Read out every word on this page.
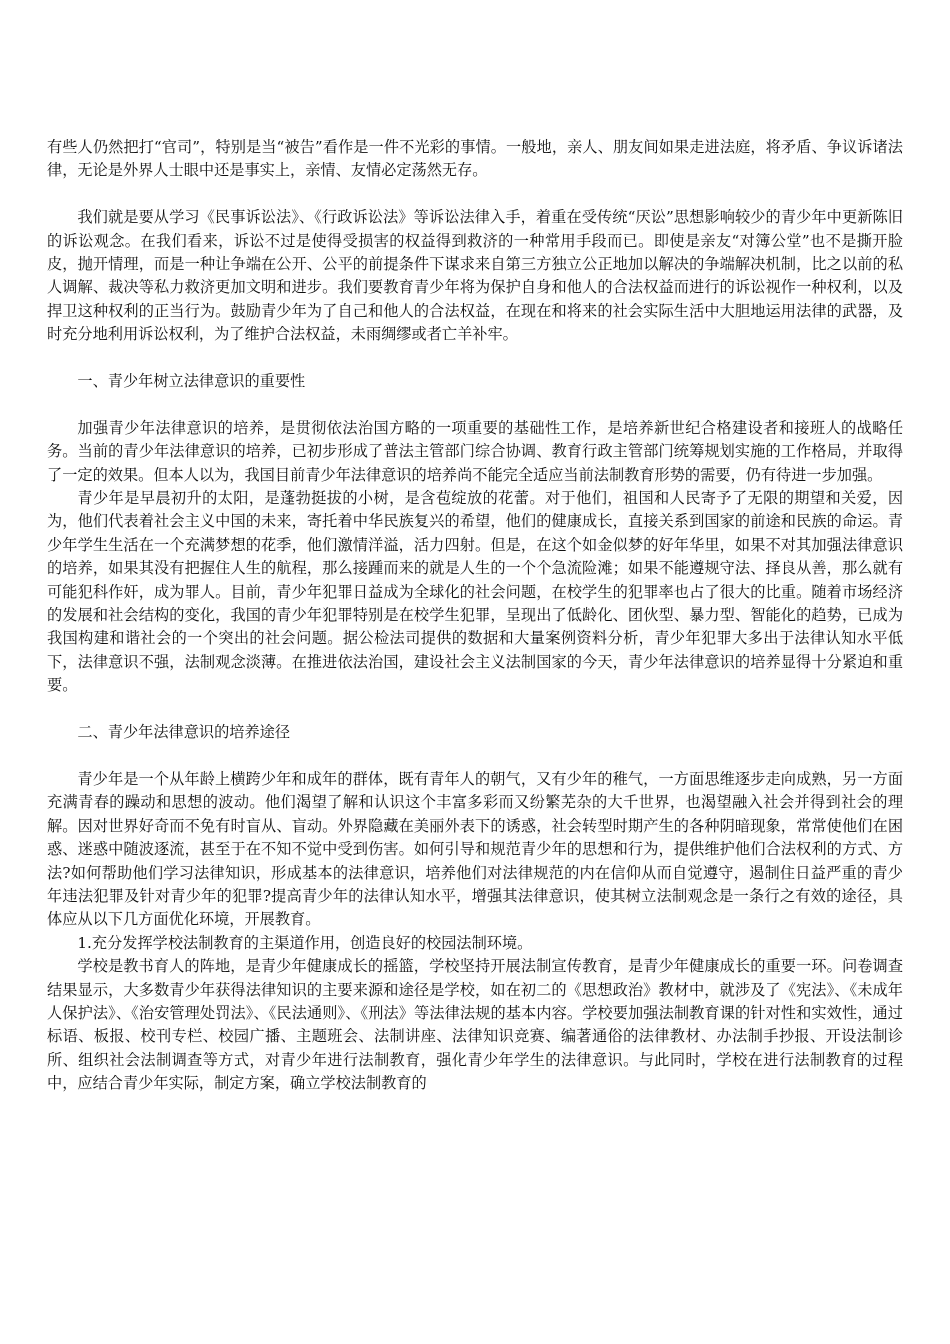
有些人仍然把打“官司”，特别是当“被告”看作是一件不光彩的事情。一般地，亲人、朋友间如果走进法庭，将矛盾、争议诉诸法律，无论是外界人士眼中还是事实上，亲情、友情必定荡然无存。

我们就是要从学习《民事诉讼法》、《行政诉讼法》等诉讼法律入手，着重在受传统“厌讼”思想影响较少的青少年中更新陈旧的诉讼观念。在我们看来，诉讼不过是使得受损害的权益得到救济的一种常用手段而已。即使是亲友“对簿公堂”也不是撕开脸皮，抛开情理，而是一种让争端在公开、公平的前提条件下谋求来自第三方独立公正地加以解决的争端解决机制，比之以前的私人调解、裁决等私力救济更加文明和进步。我们要教育青少年将为保护自身和他人的合法权益而进行的诉讼视作一种权利，以及捍卫这种权利的正当行为。鼓励青少年为了自己和他人的合法权益，在现在和将来的社会实际生活中大胆地运用法律的武器，及时充分地利用诉讼权利，为了维护合法权益，未雨绸缪或者亡羊补牢。

一、青少年树立法律意识的重要性

加强青少年法律意识的培养，是贯彻依法治国方略的一项重要的基础性工作，是培养新世纪合格建设者和接班人的战略任务。当前的青少年法律意识的培养，已初步形成了普法主管部门综合协调、教育行政主管部门统筹规划实施的工作格局，并取得了一定的效果。但本人以为，我国目前青少年法律意识的培养尚不能完全适应当前法制教育形势的需要，仍有待进一步加强。

青少年是早晨初升的太阳，是蓬勃挺拔的小树，是含苞绽放的花蕾。对于他们，祖国和人民寄予了无限的期望和关爱，因为，他们代表着社会主义中国的未来，寄托着中华民族复兴的希望，他们的健康成长，直接关系到国家的前途和民族的命运。青少年学生生活在一个充满梦想的花季，他们激情洋溢，活力四射。但是，在这个如金似梦的好年华里，如果不对其加强法律意识的培养，如果其没有把握住人生的航程，那么接踵而来的就是人生的一个个急流险滩；如果不能遵规守法、择良从善，那么就有可能犯科作奸，成为罪人。目前，青少年犯罪日益成为全球化的社会问题，在校学生的犯罪率也占了很大的比重。随着市场经济的发展和社会结构的变化，我国的青少年犯罪特别是在校学生犯罪，呈现出了低龄化、团伙型、暴力型、智能化的趋势，已成为我国构建和谐社会的一个突出的社会问题。据公检法司提供的数据和大量案例资料分析，青少年犯罪大多出于法律认知水平低下，法律意识不强，法制观念淡薄。在推进依法治国，建设社会主义法制国家的今天，青少年法律意识的培养显得十分紧迫和重要。

二、青少年法律意识的培养途径

青少年是一个从年龄上横跨少年和成年的群体，既有青年人的朝气，又有少年的稚气，一方面思维逐步走向成熟，另一方面充满青春的躁动和思想的波动。他们渴望了解和认识这个丰富多彩而又纷繁芜杂的大千世界，也渴望融入社会并得到社会的理解。因对世界好奇而不免有时盲从、盲动。外界隐藏在美丽外表下的诱惑，社会转型时期产生的各种阴暗现象，常常使他们在困惑、迷惑中随波逐流，甚至于在不知不觉中受到伤害。如何引导和规范青少年的思想和行为，提供维护他们合法权利的方式、方法?如何帮助他们学习法律知识，形成基本的法律意识，培养他们对法律规范的内在信仰从而自觉遵守，遏制住日益严重的青少年违法犯罪及针对青少年的犯罪?提高青少年的法律认知水平，增强其法律意识，使其树立法制观念是一条行之有效的途径，具体应从以下几方面优化环境，开展教育。

1.充分发挥学校法制教育的主渠道作用，创造良好的校园法制环境。

学校是教书育人的阵地，是青少年健康成长的摇篮，学校坚持开展法制宣传教育，是青少年健康成长的重要一环。问卷调查结果显示，大多数青少年获得法律知识的主要来源和途径是学校，如在初二的《思想政治》教材中，就涉及了《宪法》、《未成年人保护法》、《治安管理处罚法》、《民法通则》、《刑法》等法律法规的基本内容。学校要加强法制教育课的针对性和实效性，通过标语、板报、校刊专栏、校园广播、主题班会、法制讲座、法律知识竞赛、编著通俗的法律教材、办法制手抄报、开设法制诊所、组织社会法制调查等方式，对青少年进行法制教育，强化青少年学生的法律意识。与此同时，学校在进行法制教育的过程中，应结合青少年实际，制定方案，确立学校法制教育的
